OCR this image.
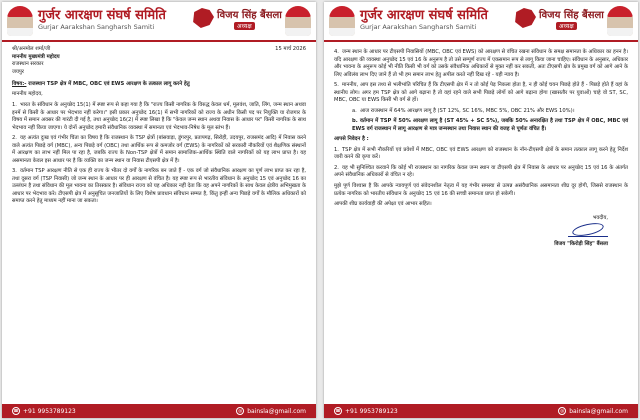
गुर्जर आरक्षण संघर्ष समिति
Gurjar Aarakshan Sangharsh Samiti
विजय सिंह बैंसला
अध्यक्ष
श्री/अनमोल शर्मा/जी	15 मार्च 2026
माननीय मुख्यमंत्री महोदय
राजस्थान सरकार
जयपुर
विषय:- राजस्थान TSP क्षेत्र में MBC, OBC एवं EWS आरक्षण के तत्काल लागू करने हेतु
माननीय महोदय,
1. भारत के संविधान के अनुच्छेद 15(1) में स्पष्ट रूप से कहा गया है कि "राज्य किसी नागरिक के विरुद्ध केवल धर्म, मूलवंश, जाति, लिंग, जन्म स्थान अथवा इनमें से किसी के आधार पर भेदभाव नहीं करेगा।" इसी प्रकार अनुच्छेद 16(1) में सभी नागरिकों को राज्य के अधीन किसी पद पर नियुक्ति या रोजगार के विषय में समान अवसर की गारंटी दी गई है, तथा अनुच्छेद 16(2) में स्पष्ट लिखा है कि "केवल जन्म स्थान अथवा निवास के आधार पर" किसी नागरिक के साथ भेदभाव नहीं किया जाएगा। ये दोनों अनुच्छेद हमारी संवैधानिक व्यवस्था में समानता एवं भेदभाव-निषेध के मूल स्तंभ हैं।
2. यह अत्यंत दुःख एवं गंभीर चिंता का विषय है कि राजस्थान के TSP क्षेत्रों (बांसवाड़ा, डूंगरपुर, प्रतापगढ़, सिरोही, उदयपुर, राजसमंद आदि) में निवास करने वाले अत्यंत पिछड़े वर्ग (MBC), अन्य पिछड़े वर्ग (OBC) तथा आर्थिक रूप से कमजोर वर्ग (EWS) के नागरिकों को सरकारी नौकरियों एवं शैक्षणिक संस्थानों में आरक्षण का लाभ नहीं मिल पा रहा है, जबकि राज्य के Non-TSP क्षेत्रों में समान सामाजिक-आर्थिक स्थिति वाले नागरिकों को यह लाभ प्राप्त है। यह असमानता केवल इस आधार पर है कि व्यक्ति का जन्म स्थान या निवास टीएसपी क्षेत्र में है।
3. वर्तमान TSP आरक्षण नीति से एक ही राज्य के भीतर दो वर्गों के नागरिक बन जाते हैं - एक वर्ग जो संवैधानिक आरक्षण का पूर्ण लाभ प्राप्त कर रहा है, तथा दूसरा वर्ग (TSP निवासी) जो जन्म स्थान के आधार पर ही आरक्षण से वंचित है। यह स्पष्ट रूप से भारतीय संविधान के अनुच्छेद 15 एवं अनुच्छेद 16 का उल्लंघन है तथा संविधान की मूल भावना का तिरस्कार है। संविधान राज्य को यह अधिकार नहीं देता कि वह अपने नागरिकों के साथ केवल क्षेत्रीय अभिमुखता के आधार पर भेदभाव करे। टीएसपी क्षेत्र में अनुसूचित जनजातियों के लिए विशेष प्रावधान संविधान सम्मत है, किंतु इन्हीं अन्य पिछड़े वर्गों के मौलिक अधिकारों को समाप्त करने हेतु माध्यम नहीं माना जा सकता।
☎ +91 9953789123	@ bainsla@gmail.com
गुर्जर आरक्षण संघर्ष समिति
Gurjar Aarakshan Sangharsh Samiti
विजय सिंह बैंसला
अध्यक्ष
4. जन्म स्थान के आधार पर टीएसपी निवासियों (MBC, OBC एवं EWS) को आरक्षण से वंचित रखना संविधान के समक्ष समानता के अधिकार का हनन है। यदि आरक्षण की व्यवस्था अनुच्छेद 15 एवं 16 के अनुरूप है तो उसे सम्पूर्ण राज्य में एकसमान रूप से लागू किया जाना चाहिए। संविधान के अनुसार, अधिकार और भावना के अनुरूप कोई भी नीति किसी भी वर्ग को उसके संवैधानिक अधिकारों से मुक्त नहीं कर सकती, अतः टीएसपी क्षेत्र के प्रमुख वर्ग को आगे आने के लिए अविलंब लाभ दिए जाने हैं तो भी हम समान लाभ हेतु अपील करते नहीं दिख रहे - यही न्याय है।
5. माननीय, आप इस तथ्य से भलीभांति परिचित हैं कि टीएसपी क्षेत्र में न तो कोई पेड़ निकला होता है, न ही कोई चयन पिछड़े होते हैं - पिछड़े होते हैं वहां के स्थानीय लोग। अगर हम TSP क्षेत्र को आगे बढ़ाना है तो वहां रहने वाले सभी पिछड़े लोगों को आगे बढ़ाना होगा (खासतौर पर युवाओं) चाहे वो ST, SC, MBC, OBC या EWS किसी भी वर्ग से हों।
a. आज राजस्थान में 64% आरक्षण लागू है (ST 12%, SC 16%, MBC 5%, OBC 21% और EWS 10%)।
b. वर्तमान में TSP में 50% आरक्षण लागू है (ST 45% + SC 5%), जबकि 50% अनारक्षित है तथा TSP क्षेत्र में OBC, MBC एवं EWS वर्ग राजस्थान में लागू आरक्षण से मात्र जन्मस्थान तथा निवास स्थान की वजह से पूर्णतः वंचित हैं।
आपसे निवेदन है :
1. TSP क्षेत्र में सभी नौकरियों एवं प्रवेशों में MBC, OBC एवं EWS आरक्षण को राजस्थान के नॉन-टीएसपी क्षेत्रों के समान तत्काल लागू करने हेतु निर्देश जारी करने की कृपा करें।
2. यह भी सुनिश्चित करवाने कि कोई भी राजस्थान का नागरिक केवल जन्म स्थान या टीएसपी क्षेत्र में निवास के आधार पर अनुच्छेद 15 एवं 16 के अंतर्गत अपने संवैधानिक अधिकारों से वंचित न रहे।
मुझे पूर्ण विश्वास है कि आपके न्यायपूर्ण एवं संवेदनशील नेतृत्व में यह गंभीर समस्या से उत्पन्न असंवैधानिक असमानता शीघ्र दूर होगी, जिससे राजस्थान के प्रत्येक नागरिक को भारतीय संविधान के अनुच्छेद 15 एवं 16 की सच्ची समानता प्राप्त हो सकेगी।
आपकी शीघ्र कार्यवाही की अपेक्षा एवं आभार सहित।
भवदीय,
विजय "किरोड़ी सिंह" बैंसला
☎ +91 9953789123	@ bainsla@gmail.com
